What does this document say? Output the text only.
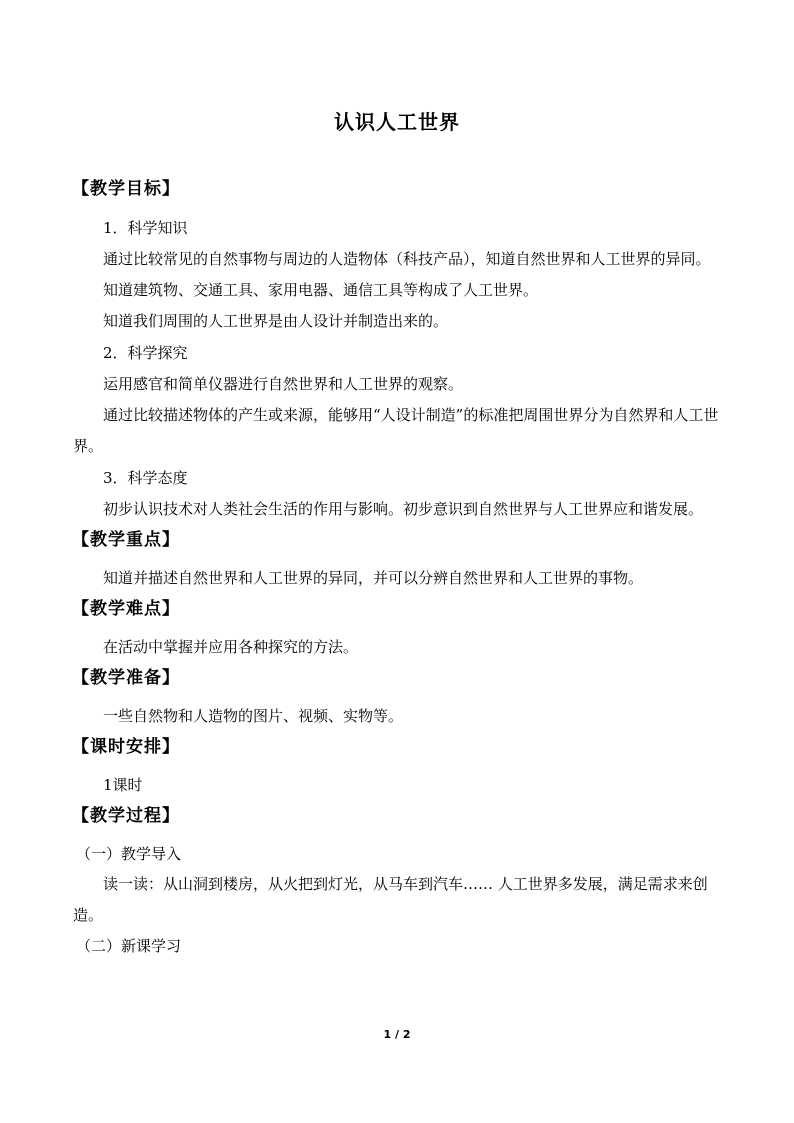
认识人工世界
【教学目标】
1．科学知识
通过比较常见的自然事物与周边的人造物体（科技产品），知道自然世界和人工世界的异同。
知道建筑物、交通工具、家用电器、通信工具等构成了人工世界。
知道我们周围的人工世界是由人设计并制造出来的。
2．科学探究
运用感官和简单仪器进行自然世界和人工世界的观察。
通过比较描述物体的产生或来源，能够用“人设计制造”的标准把周围世界分为自然界和人工世界。
3．科学态度
初步认识技术对人类社会生活的作用与影响。初步意识到自然世界与人工世界应和谐发展。
【教学重点】
知道并描述自然世界和人工世界的异同，并可以分辨自然世界和人工世界的事物。
【教学难点】
在活动中掌握并应用各种探究的方法。
【教学准备】
一些自然物和人造物的图片、视频、实物等。
【课时安排】
1课时
【教学过程】
（一）教学导入
读一读：从山洞到楼房，从火把到灯光，从马车到汽车…… 人工世界多发展，满足需求来创造。
（二）新课学习
1 / 2
